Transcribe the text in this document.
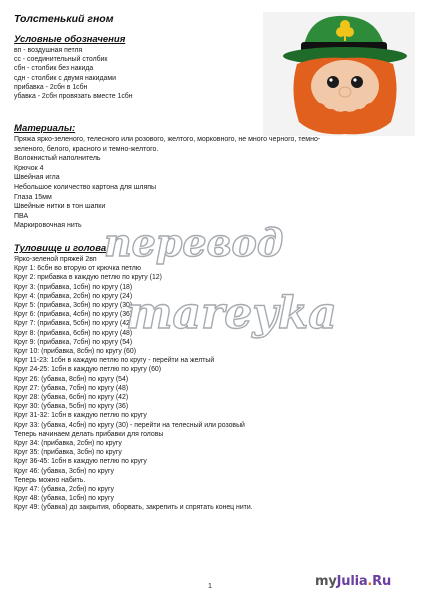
Толстенький гном
Условные обозначения
вп - воздушная петля
сс - соединительный столбик
сбн - столбик без накида
сдн - столбик с двумя накидами
прибавка - 2сбн в 1сбн
убавка - 2сбн провязать вместе 1сбн
Материалы:
Пряжа ярко-зеленого, телесного или розового, желтого, морковного, не много черного, темно-зеленого, белого, красного и темно-желтого.
Волокнистый наполнитель
Крючок 4
Швейная игла
Небольшое количество картона для шляпы
Глаза 15мм
Швейные нитки в тон шапки
ПВА
Маркировочная нить
Туловище и голова
Ярко-зеленой пряжей 2вп
Круг 1: 6сбн во вторую от крючка петлю
Круг 2: прибавка в каждую петлю по кругу (12)
Круг 3: (прибавка, 1сбн) по кругу (18)
Круг 4: (прибавка, 2сбн) по кругу (24)
Круг 5: (прибавка, 3сбн) по кругу (30)
Круг 6: (прибавка, 4сбн) по кругу (36)
Круг 7: (прибавка, 5сбн) по кругу (42)
Круг 8: (прибавка, 6сбн) по кругу (48)
Круг 9: (прибавка, 7сбн) по кругу (54)
Круг 10: (прибавка, 8сбн) по кругу (60)
Круг 11-23: 1сбн в каждую петлю по кругу - перейти на желтый
Круг 24-25: 1сбн в каждую петлю по кругу (60)
Круг 26: (убавка, 8сбн) по кругу (54)
Круг 27: (убавка, 7сбн) по кругу (48)
Круг 28: (убавка, 6сбн) по кругу (42)
Круг 30: (убавка, 5сбн) по кругу (36)
Круг 31-32: 1сбн в каждую петлю по кругу
Круг 33: (убавка, 4сбн) по кругу (30) - перейти на телесный или розовый
Теперь начинаем делать прибавки для головы
Круг 34: (прибавка, 2сбн) по кругу
Круг 35: (прибавка, 3сбн) по кругу
Круг 36-45: 1сбн в каждую петлю по кругу
Круг 46: (убавка, 3сбн) по кругу
Теперь можно набить.
Круг 47: (убавка, 2сбн) по кругу
Круг 48: (убавка, 1сбн) по кругу
Круг 49: (убавка) до закрытия, оборвать, закрепить и спрятать конец нити.
перевод
mareyka
1	myJulia.Ru
